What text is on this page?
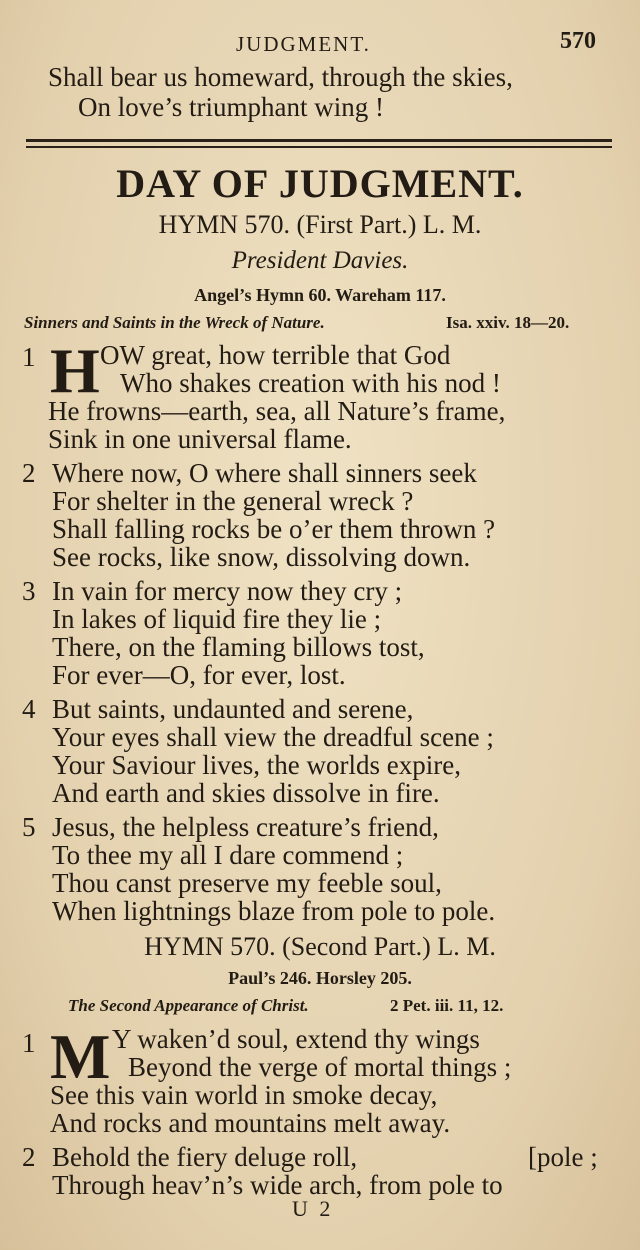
JUDGMENT.	570
Shall bear us homeward, through the skies,
On love’s triumphant wing !
DAY OF JUDGMENT.
HYMN 570. (First Part.) L. M.
President Davies.
Angel’s Hymn 60. Wareham 117.
Sinners and Saints in the Wreck of Nature.	Isa. xxiv. 18—20.
1 H OW great, how terrible that God
Who shakes creation with his nod !
He frowns—earth, sea, all Nature’s frame,
Sink in one universal flame.
2 Where now, O where shall sinners seek
For shelter in the general wreck ?
Shall falling rocks be o’er them thrown ?
See rocks, like snow, dissolving down.
3 In vain for mercy now they cry ;
In lakes of liquid fire they lie ;
There, on the flaming billows tost,
For ever—O, for ever, lost.
4 But saints, undaunted and serene,
Your eyes shall view the dreadful scene ;
Your Saviour lives, the worlds expire,
And earth and skies dissolve in fire.
5 Jesus, the helpless creature’s friend,
To thee my all I dare commend ;
Thou canst preserve my feeble soul,
When lightnings blaze from pole to pole.
HYMN 570. (Second Part.) L. M.
Paul’s 246. Horsley 205.
The Second Appearance of Christ.	2 Pet. iii. 11, 12.
1 M Y waken’d soul, extend thy wings
Beyond the verge of mortal things ;
See this vain world in smoke decay,
And rocks and mountains melt away.
2 Behold the fiery deluge roll,	[pole ;
Through heav’n’s wide arch, from pole to
U 2
